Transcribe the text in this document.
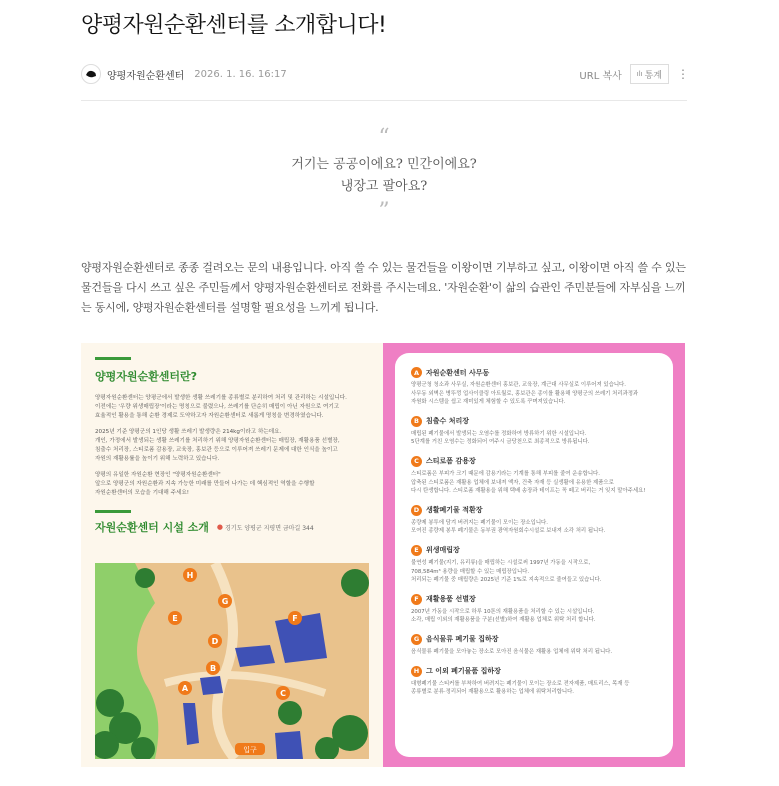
양평자원순환센터를 소개합니다!
양평자원순환센터 2026. 1. 16. 16:17	URL 복사 ılı 통계 ⋮
“
거기는 공공이에요? 민간이에요?
냉장고 팔아요?
”

양평자원순환센터로 종종 걸려오는 문의 내용입니다. 아직 쓸 수 있는 물건들을 이왕이면 기부하고 싶고, 이왕이면 아직 쓸 수 있는 물건들을 다시 쓰고 싶은 주민들께서 양평자원순환센터로 전화를 주시는데요. '자원순환'이 삶의 습관인 주민분들에 자부심을 느끼는 동시에, 양평자원순환센터를 설명할 필요성을 느끼게 됩니다.

양평자원순환센터란?
양평자원순환센터는 양평군에서 발생한 생활 쓰레기를 종류별로 분리하여 처리 및 관리하는 시설입니다.
이전에는 '우량 위생매립장'이라는 명칭으로 불렸으나, 쓰레기를 단순히 매립이 아닌 자원으로 여기고
효율적인 활용을 통해 순환 경제로 도약하고자 자원순환센터로 새롭게 명칭을 변경하였습니다.
2025년 기준 양평군의 1인당 생활 쓰레기 발생량은 214kg이라고 하는데요.
개인, 가정에서 발생되는 생활 쓰레기를 처리하기 위해 양평자원순환센터는 매립장, 재활용품 선별장,
침출수 처리장, 스티로폼 감용장, 교육장, 홍보관 등으로 이루어져 쓰레기 문제에 대한 인식을 높이고
자원의 재활용률을 높이기 위해 노력하고 있습니다.
양평의 유일한 자원순환 현장인 "양평자원순환센터"
앞으로 양평군의 자원순환과 지속 가능한 미래를 만들어 나가는 데 핵심적인 역할을 수행할
자원순환센터의 모습을 기대해 주세요!
자원순환센터 시설 소개 ● 경기도 양평군 지평면 금마길 344
입구
A
B
C
D
E	F
G
H
A 자원순환센터 사무동
양평군청 청소과 사무실, 자원순환센터 홍보관, 교육장, 계근대 사무실로 이루어져 있습니다.
사무동 외벽은 병뚜껑 업사이클링 아트월로, 홍보관은 종이를 활용해 양평군의 쓰레기 처리과정과
자원화 시스템을 쉽고 재미있게 체험할 수 있도록 꾸며져있습니다.
B	침출수 처리장
매립된 폐기물에서 발생되는 오염수를 정화하여 방류하기 위한 시설입니다.
5단계를 거친 오염수는 정화되어 여주시 금당천으로 최종적으로 방류됩니다.
C	스티로폼 감용장
스티로폼은 부피가 크기 때문에 감용기라는 기계를 통해 부피를 줄여 운송합니다.
압축된 스티로폼은 재활용 업체에 보내져 액자, 건축 자재 등 실생활에 유용한 제품으로
다시 탄생합니다. 스티로폼 재활용을 위해 택배 송장과 테이프는 꼭 떼고 버리는 거 잊지 말아주세요!
D 생활폐기물 적환장
종량제 봉투에 담겨 버려지는 폐기물이 모이는 장소입니다.
모여진 종량제 봉투 폐기물은 동부권 광역자원회수시설로 보내져 소각 처리 됩니다.
E	위생매립장
불연성 폐기물(지기, 유리류)을 매립하는 시설로써 1997년 가동을 시작으로,
708,584m³ 용량을 매립할 수 있는 매립장입니다.
처리되는 폐기물 중 매립량은 2025년 기준 1%로 지속적으로 줄여들고 있습니다.
F	재활용품 선별장
2007년 가동을 시작으로 하루 10톤의 재활용품을 처리할 수 있는 시설입니다.
소각, 매립 이외의 재활용품을 구분(선별)하여 재활용 업체로 위탁 처리 합니다.
G 음식물류 폐기물 집하장
음식물류 폐기물을 모아놓는 장소로 모아진 음식물은 재활용 업체에 위탁 처리 됩니다.
H 그 이외 폐기물품 집하장
대형폐기물 스티커를 부착하여 버려지는 폐기물이 모이는 장소로 전자제품, 매트리스, 목재 등
종류별로 분류·정리되어 재활용으로 활용하는 업체에 위탁처리합니다.
